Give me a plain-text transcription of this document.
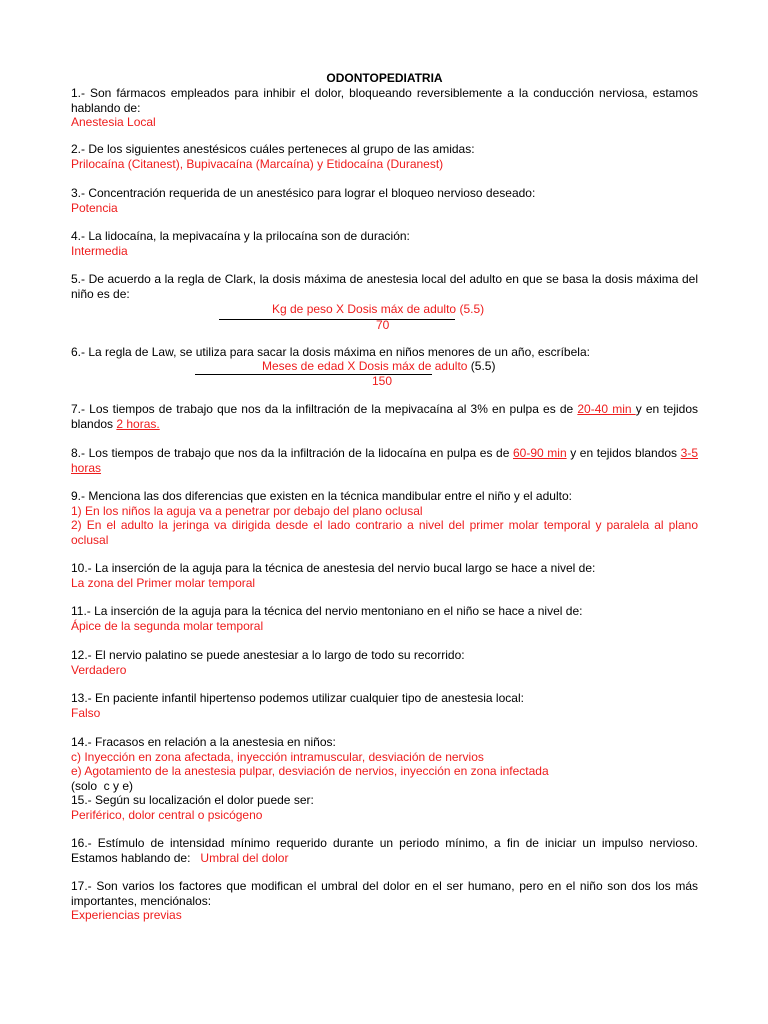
ODONTOPEDIATRIA
1.- Son fármacos empleados para inhibir el dolor, bloqueando reversiblemente a la conducción nerviosa, estamos hablando de:
Anestesia Local
2.- De los siguientes anestésicos cuáles perteneces al grupo de las amidas:
Prilocaína (Citanest), Bupivacaína (Marcaína) y Etidocaína (Duranest)
3.- Concentración requerida de un anestésico para lograr el bloqueo nervioso deseado:
Potencia
4.- La lidocaína, la mepivacaína y la prilocaína son de duración:
Intermedia
5.- De acuerdo a la regla de Clark, la dosis máxima de anestesia local del adulto en que se basa la dosis máxima del niño es de:
Kg de peso X Dosis máx de adulto (5.5)
70
6.- La regla de Law, se utiliza para sacar la dosis máxima en niños menores de un año, escríbela:
Meses de edad X Dosis máx de adulto (5.5)
150
7.- Los tiempos de trabajo que nos da la infiltración de la mepivacaína al 3% en pulpa es de 20-40 min y en tejidos blandos 2 horas.
8.- Los tiempos de trabajo que nos da la infiltración de la lidocaína en pulpa es de 60-90 min y en tejidos blandos 3-5 horas
9.- Menciona las dos diferencias que existen en la técnica mandibular entre el niño y el adulto:
1) En los niños la aguja va a penetrar por debajo del plano oclusal
2) En el adulto la jeringa va dirigida desde el lado contrario a nivel del primer molar temporal y paralela al plano oclusal
10.- La inserción de la aguja para la técnica de anestesia del nervio bucal largo se hace a nivel de:
La zona del Primer molar temporal
11.- La inserción de la aguja para la técnica del nervio mentoniano en el niño se hace a nivel de:
Ápice de la segunda molar temporal
12.- El nervio palatino se puede anestesiar a lo largo de todo su recorrido:
Verdadero
13.- En paciente infantil hipertenso podemos utilizar cualquier tipo de anestesia local:
Falso
14.- Fracasos en relación a la anestesia en niños:
c) Inyección en zona afectada, inyección intramuscular, desviación de nervios
e) Agotamiento de la anestesia pulpar, desviación de nervios, inyección en zona infectada
(solo  c y e)
15.- Según su localización el dolor puede ser:
Periférico, dolor central o psicógeno
16.- Estímulo de intensidad mínimo requerido durante un periodo mínimo, a fin de iniciar un impulso nervioso. Estamos hablando de:   Umbral del dolor
17.- Son varios los factores que modifican el umbral del dolor en el ser humano, pero en el niño son dos los más importantes, menciónalos:
Experiencias previas
